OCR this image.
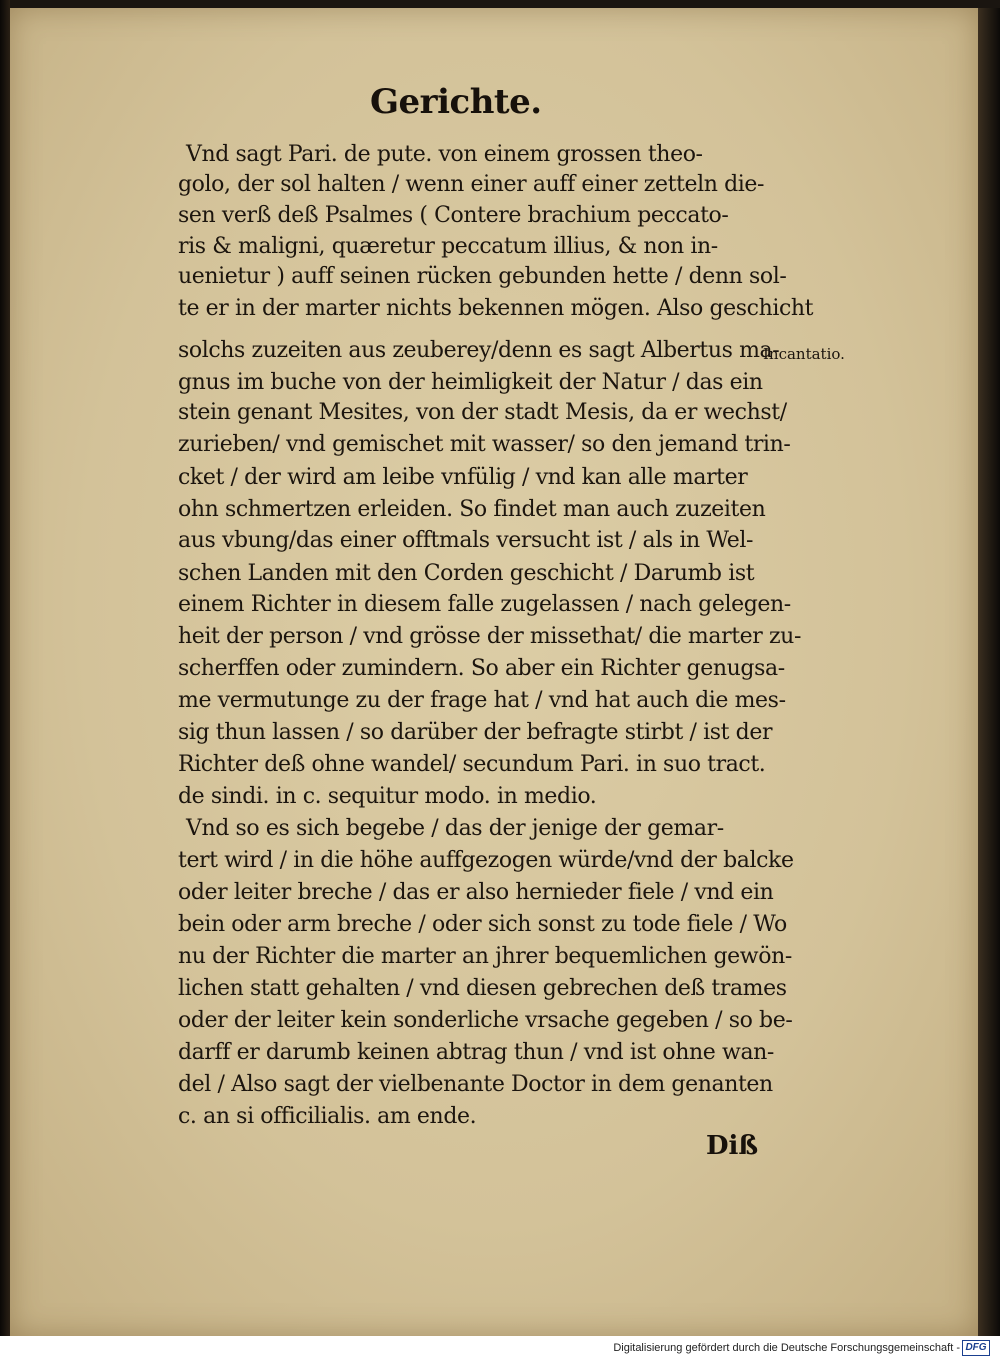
Gerichte.

Vnd sagt Pari. de pute. von einem grossen theo-

golo, der sol halten / wenn einer auff einer zetteln die-

sen verß deß Psalmes ( Contere brachium peccato-

ris & maligni, quæretur peccatum illius, & non in-

uenietur ) auff seinen rücken gebunden hette / denn sol-

te er in der marter nichts bekennen mögen. Also geschicht

solchs zuzeiten aus zeuberey/denn es sagt Albertus ma-

gnus im buche von der heimligkeit der Natur / das ein

stein genant Mesites, von der stadt Mesis, da er wechst/

zurieben/ vnd gemischet mit wasser/ so den jemand trin-

cket / der wird am leibe vnfülig / vnd kan alle marter

ohn schmertzen erleiden. So findet man auch zuzeiten

aus vbung/das einer offtmals versucht ist / als in Wel-

schen Landen mit den Corden geschicht / Darumb ist

einem Richter in diesem falle zugelassen / nach gelegen-

heit der person / vnd grösse der missethat/ die marter zu-

scherffen oder zumindern. So aber ein Richter genugsa-

me vermutunge zu der frage hat / vnd hat auch die mes-

sig thun lassen / so darüber der befragte stirbt / ist der

Richter deß ohne wandel/ secundum Pari. in suo tract.

de sindi. in c. sequitur modo. in medio.

Vnd so es sich begebe / das der jenige der gemar-

tert wird / in die höhe auffgezogen würde/vnd der balcke

oder leiter breche / das er also hernieder fiele / vnd ein

bein oder arm breche / oder sich sonst zu tode fiele / Wo

nu der Richter die marter an jhrer bequemlichen gewön-

lichen statt gehalten / vnd diesen gebrechen deß trames

oder der leiter kein sonderliche vrsache gegeben / so be-

darff er darumb keinen abtrag thun / vnd ist ohne wan-

del / Also sagt der vielbenante Doctor in dem genanten

c. an si officilialis. am ende.

Incantatio.
Diß
Digitalisierung gefördert durch die Deutsche Forschungsgemeinschaft - DFG
